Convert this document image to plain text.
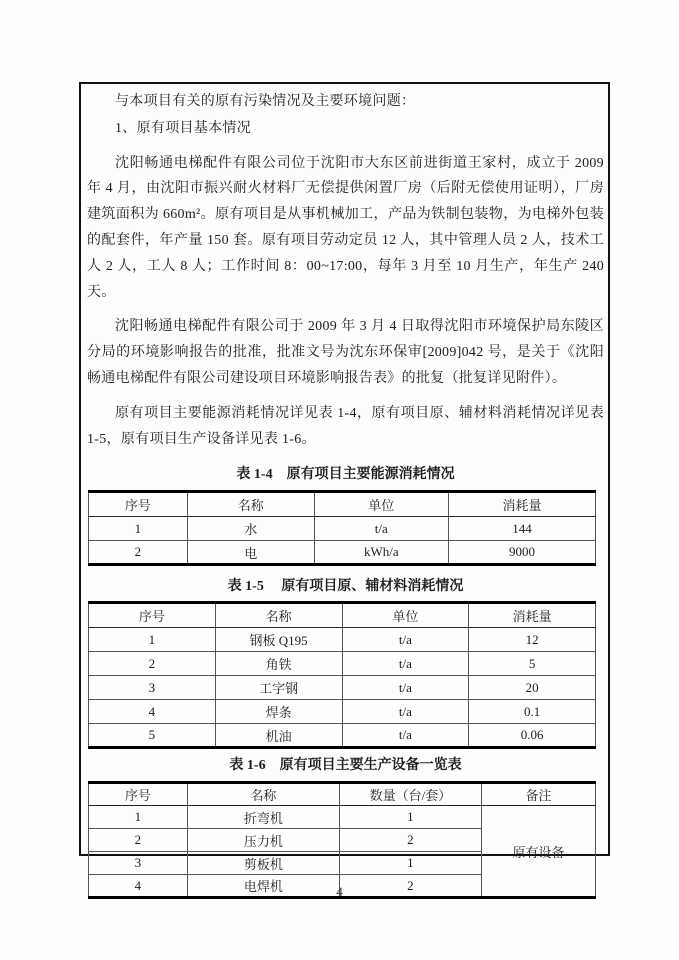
与本项目有关的原有污染情况及主要环境问题：

1、原有项目基本情况

沈阳畅通电梯配件有限公司位于沈阳市大东区前进街道王家村，成立于 2009 年 4 月，由沈阳市振兴耐火材料厂无偿提供闲置厂房（后附无偿使用证明），厂房建筑面积为 660m²。原有项目是从事机械加工，产品为铁制包装物，为电梯外包装的配套件，年产量 150 套。原有项目劳动定员 12 人，其中管理人员 2 人，技术工人 2 人，工人 8 人；工作时间 8：00~17:00，每年 3 月至 10 月生产，年生产 240 天。

沈阳畅通电梯配件有限公司于 2009 年 3 月 4 日取得沈阳市环境保护局东陵区分局的环境影响报告的批准，批准文号为沈东环保审[2009]042 号，是关于《沈阳畅通电梯配件有限公司建设项目环境影响报告表》的批复（批复详见附件）。

原有项目主要能源消耗情况详见表 1-4，原有项目原、辅材料消耗情况详见表 1-5，原有项目生产设备详见表 1-6。

表 1-4　原有项目主要能源消耗情况
序号	名称	单位	消耗量
1	水	t/a	144
2	电	kWh/a	9000
表 1-5　 原有项目原、辅材料消耗情况
序号	名称	单位	消耗量
1	钢板 Q195	t/a	12
2	角铁	t/a	5
3	工字钢	t/a	20
4	焊条	t/a	0.1
5	机油	t/a	0.06
表 1-6　原有项目主要生产设备一览表
序号	名称	数量（台/套）	备注
1	折弯机	1	原有设备
2	压力机	2	
3	剪板机	1	
4	电焊机	2	
4
